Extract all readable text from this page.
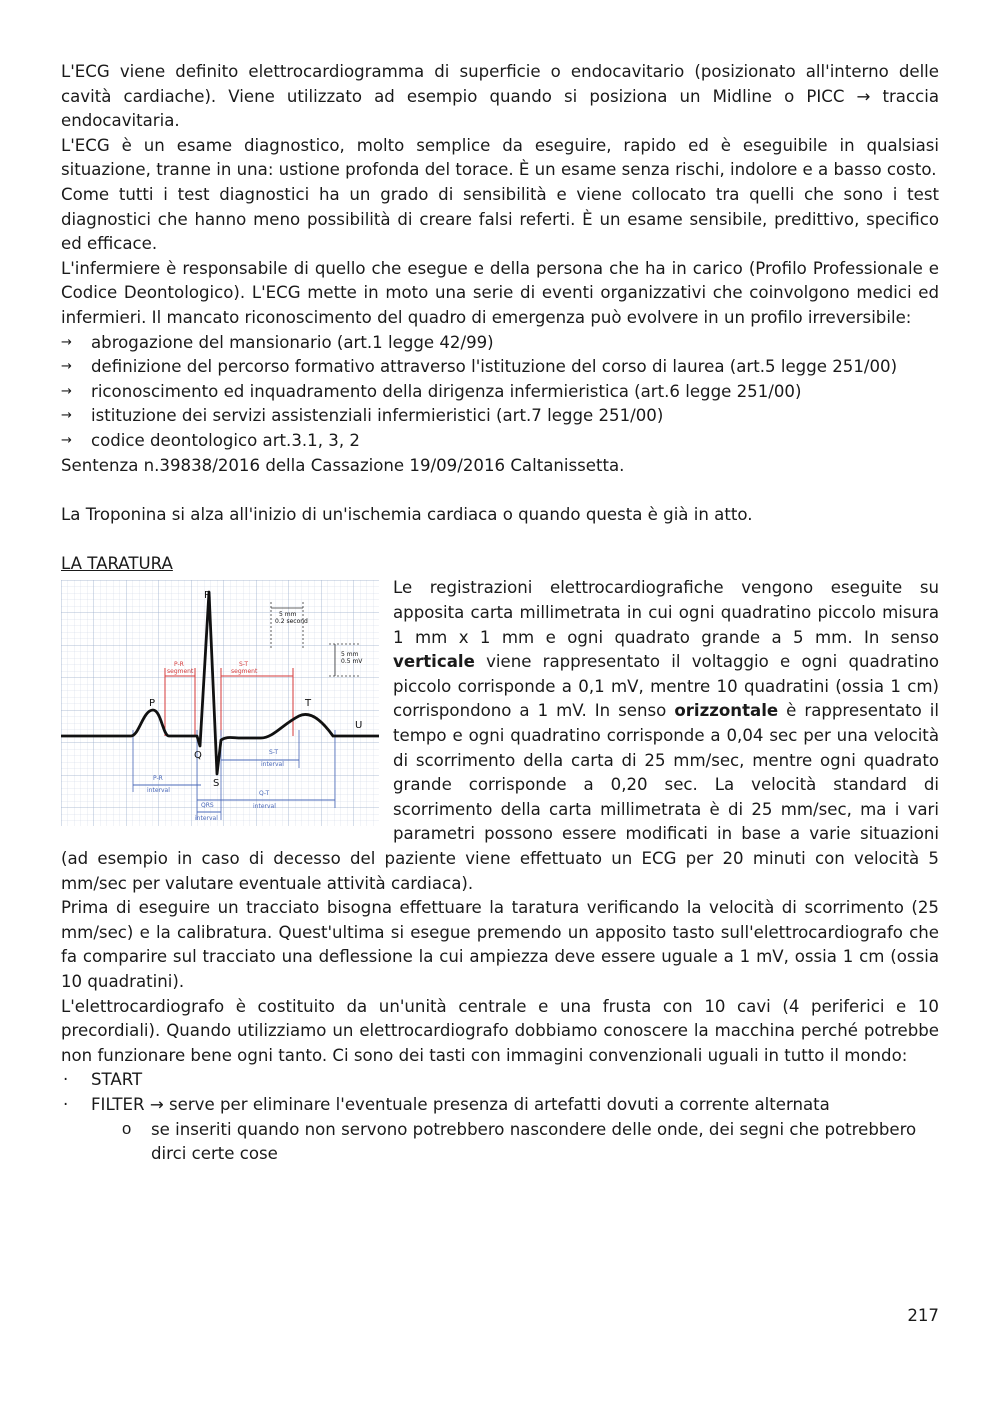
L'ECG viene definito elettrocardiogramma di superficie o endocavitario (posizionato all'interno delle cavità cardiache). Viene utilizzato ad esempio quando si posiziona un Midline o PICC → traccia endocavitaria.

L'ECG è un esame diagnostico, molto semplice da eseguire, rapido ed è eseguibile in qualsiasi situazione, tranne in una: ustione profonda del torace. È un esame senza rischi, indolore e a basso costo.

Come tutti i test diagnostici ha un grado di sensibilità e viene collocato tra quelli che sono i test diagnostici che hanno meno possibilità di creare falsi referti. È un esame sensibile, predittivo, specifico ed efficace.

L'infermiere è responsabile di quello che esegue e della persona che ha in carico (Profilo Professionale e Codice Deontologico). L'ECG mette in moto una serie di eventi organizzativi che coinvolgono medici ed infermieri. Il mancato riconoscimento del quadro di emergenza può evolvere in un profilo irreversibile:

→ abrogazione del mansionario (art.1 legge 42/99)
→ definizione del percorso formativo attraverso l'istituzione del corso di laurea (art.5 legge 251/00)
→ riconoscimento ed inquadramento della dirigenza infermieristica (art.6 legge 251/00)
→ istituzione dei servizi assistenziali infermieristici (art.7 legge 251/00)
→ codice deontologico art.3.1, 3, 2

Sentenza n.39838/2016 della Cassazione 19/09/2016 Caltanissetta.

La Troponina si alza all'inizio di un'ischemia cardiaca o quando questa è già in atto.

LA TARATURA

R
P
Q
S
T
U
P-R
segment
S-T
segment
5 mm
0.2 second
5 mm
0.5 mV
P-R
interval
S-T
interval
QRS
interval
Q-T
interval

Le registrazioni elettrocardiografiche vengono eseguite su apposita carta millimetrata in cui ogni quadratino piccolo misura 1 mm x 1 mm e ogni quadrato grande a 5 mm. In senso verticale viene rappresentato il voltaggio e ogni quadratino piccolo corrisponde a 0,1 mV, mentre 10 quadratini (ossia 1 cm) corrispondono a 1 mV. In senso orizzontale è rappresentato il tempo e ogni quadratino corrisponde a 0,04 sec per una velocità di scorrimento della carta di 25 mm/sec, mentre ogni quadrato grande corrisponde a 0,20 sec. La velocità standard di scorrimento della carta millimetrata è di 25 mm/sec, ma i vari parametri possono essere modificati in base a varie situazioni (ad esempio in caso di decesso del paziente viene effettuato un ECG per 20 minuti con velocità 5 mm/sec per valutare eventuale attività cardiaca).

Prima di eseguire un tracciato bisogna effettuare la taratura verificando la velocità di scorrimento (25 mm/sec) e la calibratura. Quest'ultima si esegue premendo un apposito tasto sull'elettrocardiografo che fa comparire sul tracciato una deflessione la cui ampiezza deve essere uguale a 1 mV, ossia 1 cm (ossia 10 quadratini).

L'elettrocardiografo è costituito da un'unità centrale e una frusta con 10 cavi (4 periferici e 10 precordiali). Quando utilizziamo un elettrocardiografo dobbiamo conoscere la macchina perché potrebbe non funzionare bene ogni tanto. Ci sono dei tasti con immagini convenzionali uguali in tutto il mondo:

· START
· FILTER → serve per eliminare l'eventuale presenza di artefatti dovuti a corrente alternata
o se inseriti quando non servono potrebbero nascondere delle onde, dei segni che potrebbero dirci certe cose
217
